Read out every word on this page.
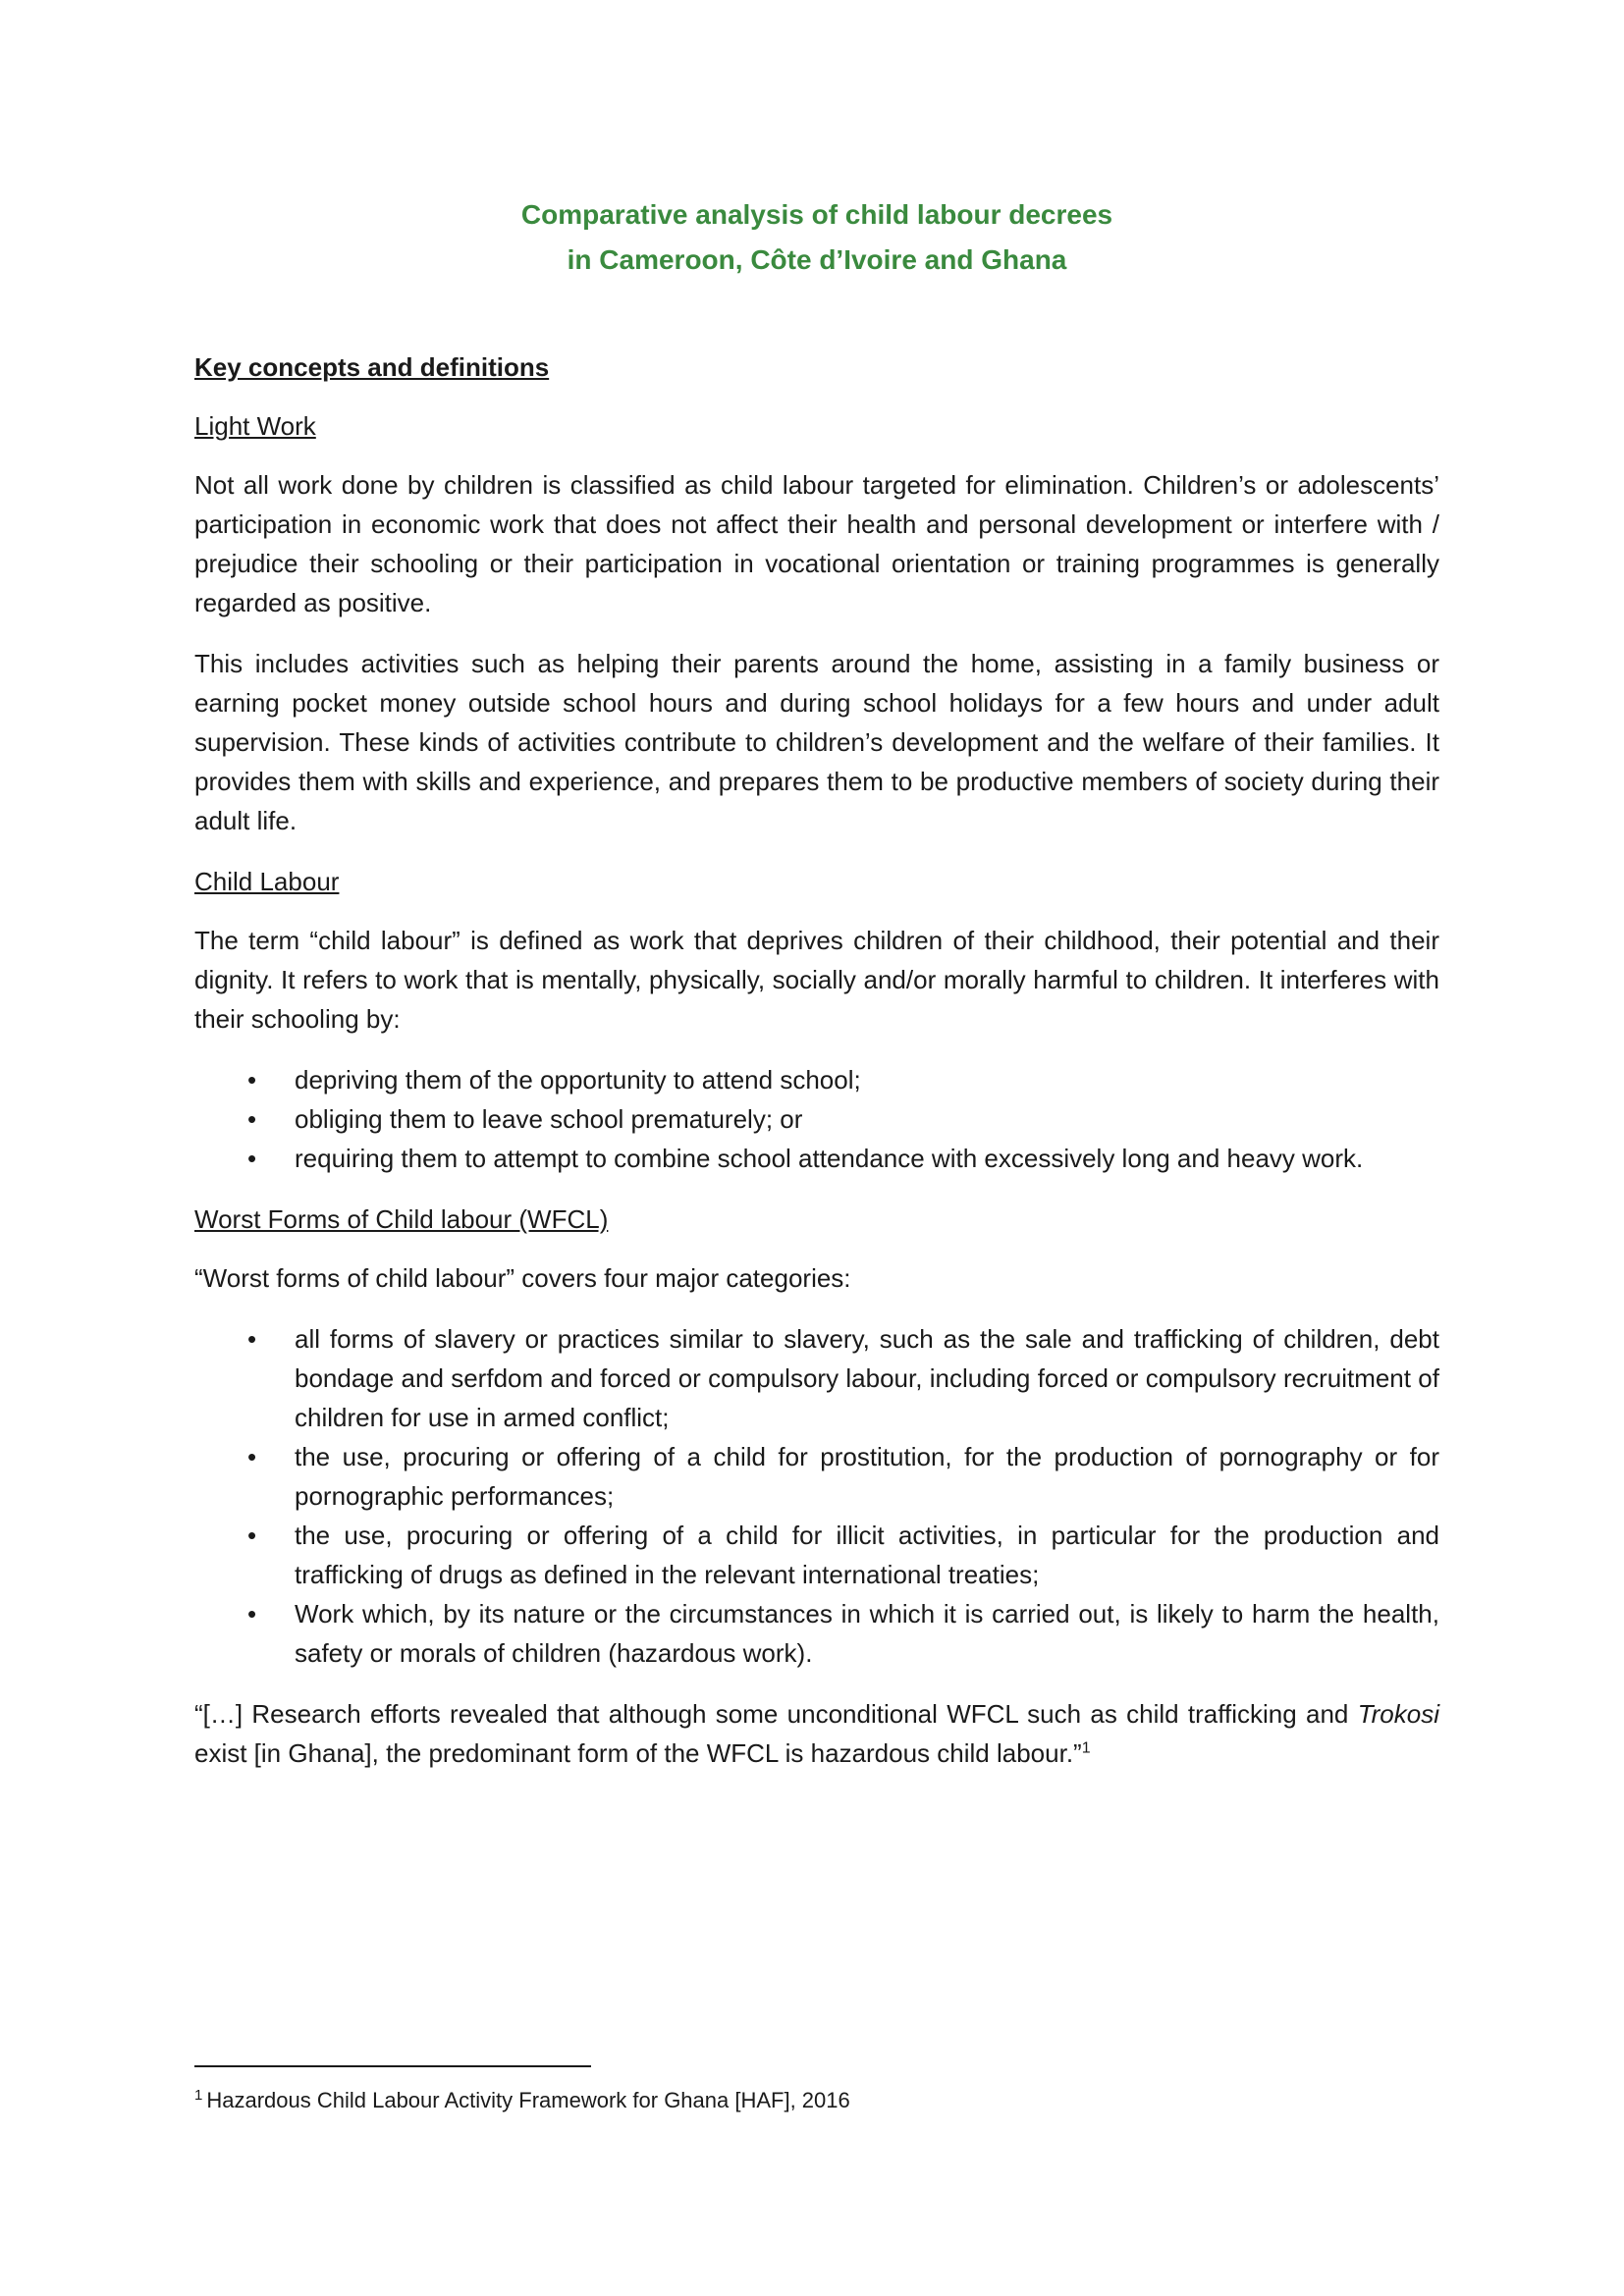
Comparative analysis of child labour decrees
in Cameroon, Côte d’Ivoire and Ghana
Key concepts and definitions
Light Work

Not all work done by children is classified as child labour targeted for elimination. Children’s or adolescents’ participation in economic work that does not affect their health and personal development or interfere with / prejudice their schooling or their participation in vocational orientation or training programmes is generally regarded as positive.

This includes activities such as helping their parents around the home, assisting in a family business or earning pocket money outside school hours and during school holidays for a few hours and under adult supervision. These kinds of activities contribute to children’s development and the welfare of their families. It provides them with skills and experience, and prepares them to be productive members of society during their adult life.

Child Labour

The term “child labour” is defined as work that deprives children of their childhood, their potential and their dignity. It refers to work that is mentally, physically, socially and/or morally harmful to children. It interferes with their schooling by:

• depriving them of the opportunity to attend school;
• obliging them to leave school prematurely; or
• requiring them to attempt to combine school attendance with excessively long and heavy work.
Worst Forms of Child labour (WFCL)

“Worst forms of child labour” covers four major categories:

• all forms of slavery or practices similar to slavery, such as the sale and trafficking of children, debt bondage and serfdom and forced or compulsory labour, including forced or compulsory recruitment of children for use in armed conflict;
• the use, procuring or offering of a child for prostitution, for the production of pornography or for pornographic performances;
• the use, procuring or offering of a child for illicit activities, in particular for the production and trafficking of drugs as defined in the relevant international treaties;
• Work which, by its nature or the circumstances in which it is carried out, is likely to harm the health, safety or morals of children (hazardous work).

“[…] Research efforts revealed that although some unconditional WFCL such as child trafficking and Trokosi exist [in Ghana], the predominant form of the WFCL is hazardous child labour.”$^1$

$^1$ Hazardous Child Labour Activity Framework for Ghana [HAF], 2016
